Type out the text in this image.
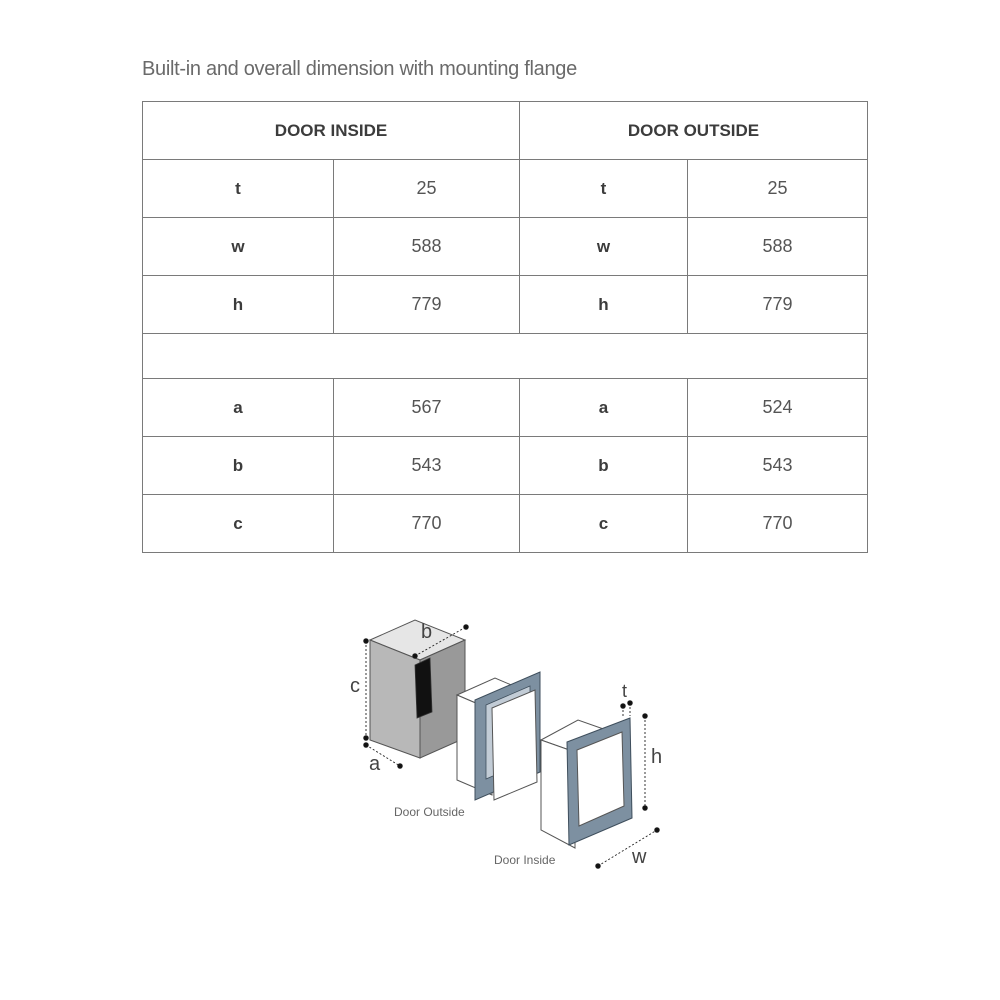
Built-in and overall dimension with mounting flange
DOOR INSIDE		DOOR OUTSIDE	
t	25	t	25
w	588	w	588
h	779	h	779

a	567	a	524
b	543	b	543
c	770	c	770
b
c
a
Door Outside
Door Inside
t
h
w
